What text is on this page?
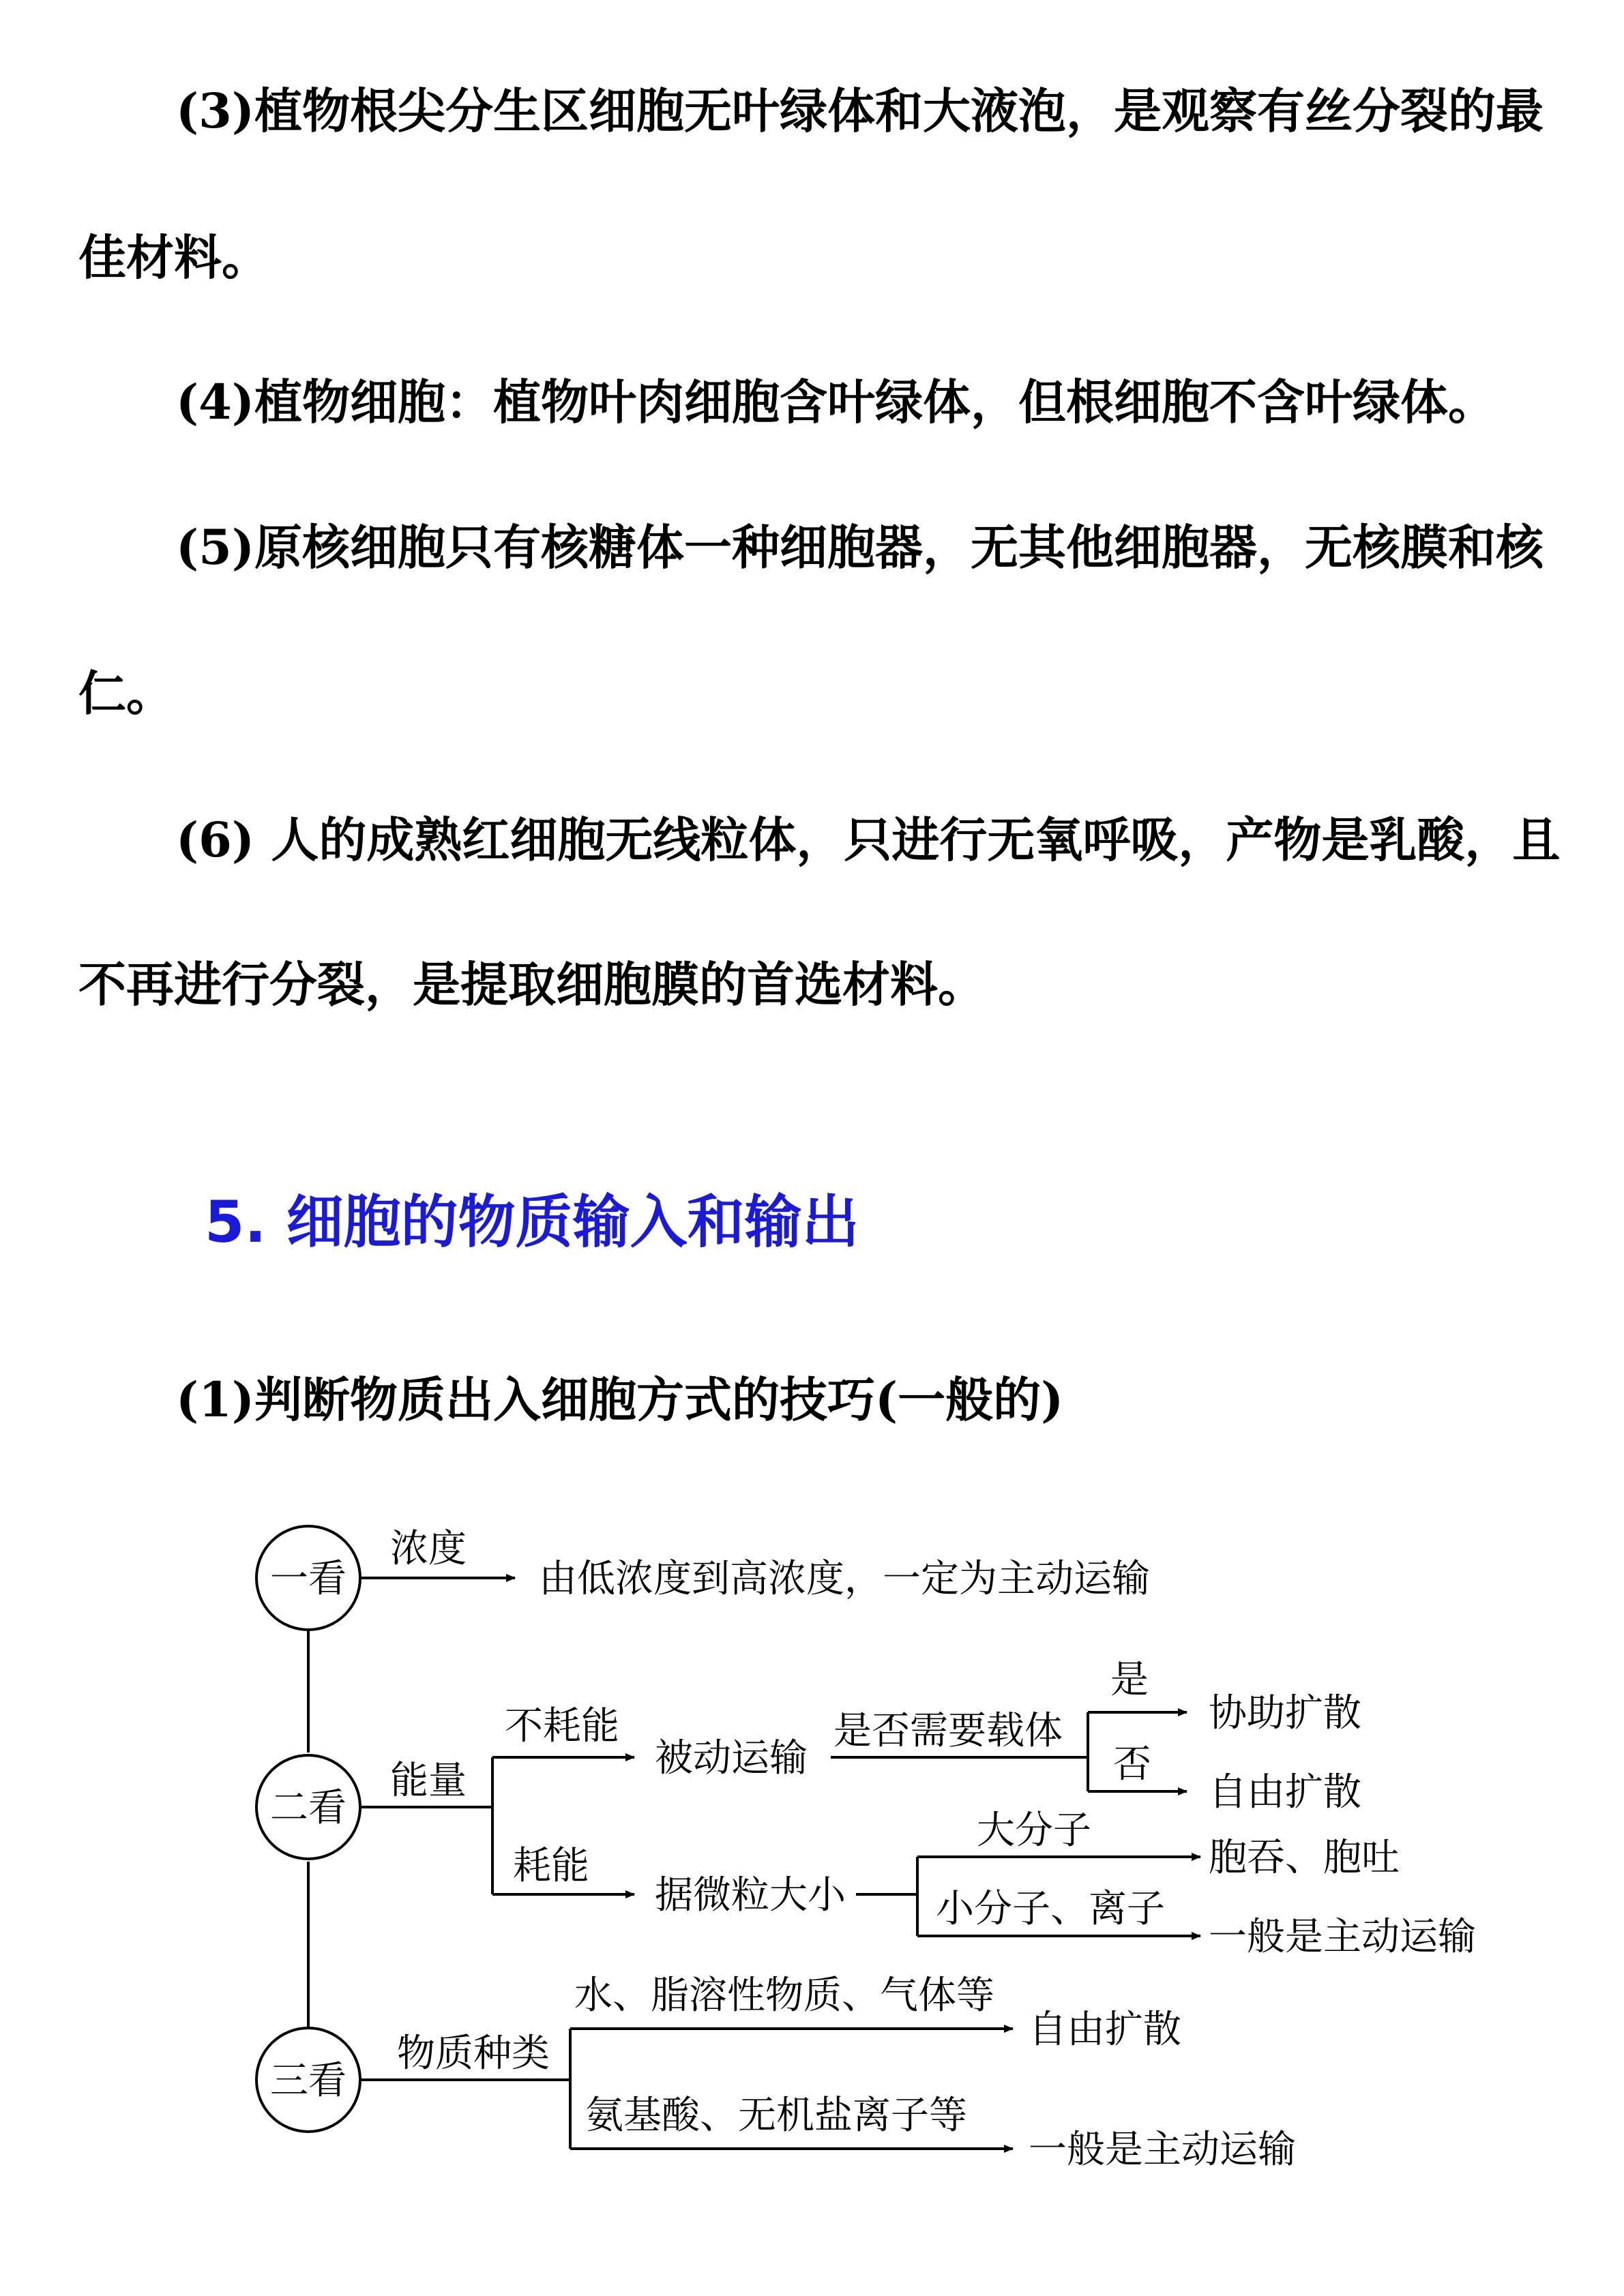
(3)植物根尖分生区细胞无叶绿体和大液泡，是观察有丝分裂的最

佳材料。

(4)植物细胞：植物叶肉细胞含叶绿体，但根细胞不含叶绿体。

(5)原核细胞只有核糖体一种细胞器，无其他细胞器，无核膜和核

仁。

(6) 人的成熟红细胞无线粒体，只进行无氧呼吸，产物是乳酸，且

不再进行分裂，是提取细胞膜的首选材料。

5. 细胞的物质输入和输出

(1)判断物质出入细胞方式的技巧(一般的)

一看
二看
三看
浓度
由低浓度到高浓度，一定为主动运输
能量
不耗能
被动运输
是否需要载体
是
协助扩散
否
自由扩散
耗能
据微粒大小
大分子
胞吞、胞吐
小分子、离子
一般是主动运输
物质种类
水、脂溶性物质、气体等
自由扩散
氨基酸、无机盐离子等
一般是主动运输
